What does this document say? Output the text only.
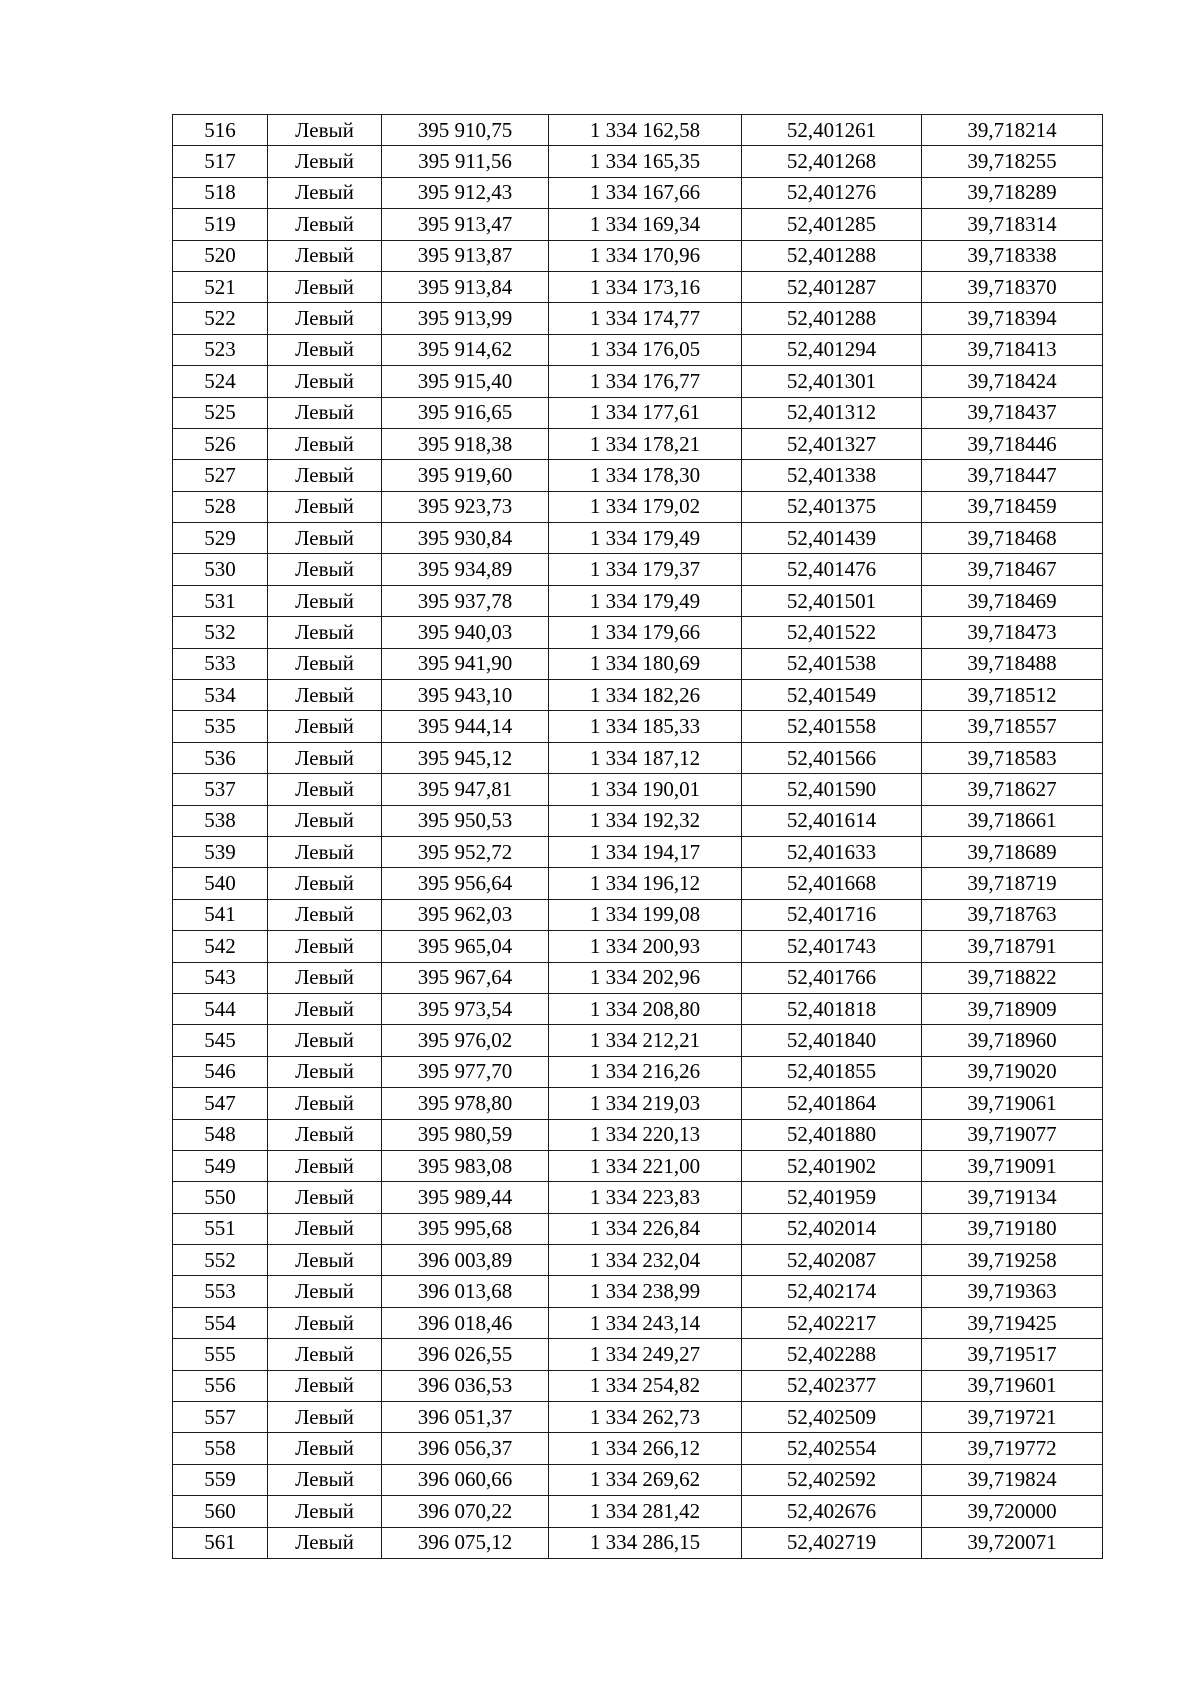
516	Левый	395 910,75	1 334 162,58	52,401261	39,718214
517	Левый	395 911,56	1 334 165,35	52,401268	39,718255
518	Левый	395 912,43	1 334 167,66	52,401276	39,718289
519	Левый	395 913,47	1 334 169,34	52,401285	39,718314
520	Левый	395 913,87	1 334 170,96	52,401288	39,718338
521	Левый	395 913,84	1 334 173,16	52,401287	39,718370
522	Левый	395 913,99	1 334 174,77	52,401288	39,718394
523	Левый	395 914,62	1 334 176,05	52,401294	39,718413
524	Левый	395 915,40	1 334 176,77	52,401301	39,718424
525	Левый	395 916,65	1 334 177,61	52,401312	39,718437
526	Левый	395 918,38	1 334 178,21	52,401327	39,718446
527	Левый	395 919,60	1 334 178,30	52,401338	39,718447
528	Левый	395 923,73	1 334 179,02	52,401375	39,718459
529	Левый	395 930,84	1 334 179,49	52,401439	39,718468
530	Левый	395 934,89	1 334 179,37	52,401476	39,718467
531	Левый	395 937,78	1 334 179,49	52,401501	39,718469
532	Левый	395 940,03	1 334 179,66	52,401522	39,718473
533	Левый	395 941,90	1 334 180,69	52,401538	39,718488
534	Левый	395 943,10	1 334 182,26	52,401549	39,718512
535	Левый	395 944,14	1 334 185,33	52,401558	39,718557
536	Левый	395 945,12	1 334 187,12	52,401566	39,718583
537	Левый	395 947,81	1 334 190,01	52,401590	39,718627
538	Левый	395 950,53	1 334 192,32	52,401614	39,718661
539	Левый	395 952,72	1 334 194,17	52,401633	39,718689
540	Левый	395 956,64	1 334 196,12	52,401668	39,718719
541	Левый	395 962,03	1 334 199,08	52,401716	39,718763
542	Левый	395 965,04	1 334 200,93	52,401743	39,718791
543	Левый	395 967,64	1 334 202,96	52,401766	39,718822
544	Левый	395 973,54	1 334 208,80	52,401818	39,718909
545	Левый	395 976,02	1 334 212,21	52,401840	39,718960
546	Левый	395 977,70	1 334 216,26	52,401855	39,719020
547	Левый	395 978,80	1 334 219,03	52,401864	39,719061
548	Левый	395 980,59	1 334 220,13	52,401880	39,719077
549	Левый	395 983,08	1 334 221,00	52,401902	39,719091
550	Левый	395 989,44	1 334 223,83	52,401959	39,719134
551	Левый	395 995,68	1 334 226,84	52,402014	39,719180
552	Левый	396 003,89	1 334 232,04	52,402087	39,719258
553	Левый	396 013,68	1 334 238,99	52,402174	39,719363
554	Левый	396 018,46	1 334 243,14	52,402217	39,719425
555	Левый	396 026,55	1 334 249,27	52,402288	39,719517
556	Левый	396 036,53	1 334 254,82	52,402377	39,719601
557	Левый	396 051,37	1 334 262,73	52,402509	39,719721
558	Левый	396 056,37	1 334 266,12	52,402554	39,719772
559	Левый	396 060,66	1 334 269,62	52,402592	39,719824
560	Левый	396 070,22	1 334 281,42	52,402676	39,720000
561	Левый	396 075,12	1 334 286,15	52,402719	39,720071
